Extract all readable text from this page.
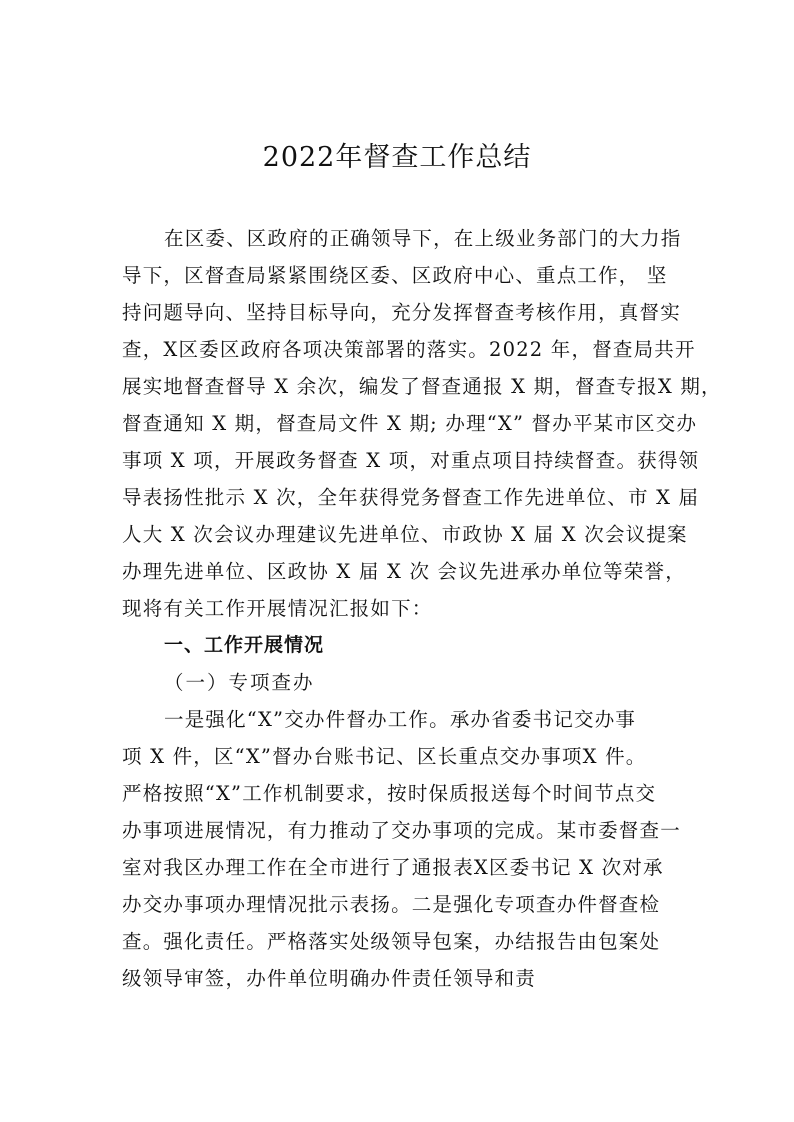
2022年督查工作总结
在区委、区政府的正确领导下，在上级业务部门的大力指
导下，区督查局紧紧围绕区委、区政府中心、重点工作， 坚
持问题导向、坚持目标导向，充分发挥督查考核作用，真督实
查，X区委区政府各项决策部署的落实。2022 年，督查局共开
展实地督查督导 X 余次，编发了督查通报 X 期，督查专报X 期，
督查通知 X 期，督查局文件 X 期; 办理“X” 督办平某市区交办
事项 X 项，开展政务督查 X 项，对重点项目持续督查。获得领
导表扬性批示 X 次，全年获得党务督查工作先进单位、市 X 届
人大 X 次会议办理建议先进单位、市政协 X 届 X 次会议提案
办理先进单位、区政协 X 届 X 次 会议先进承办单位等荣誉，
现将有关工作开展情况汇报如下：
一、工作开展情况
（一）专项查办
一是强化“X”交办件督办工作。承办省委书记交办事
项 X 件，区“X”督办台账书记、区长重点交办事项X 件。
严格按照“X”工作机制要求，按时保质报送每个时间节点交
办事项进展情况，有力推动了交办事项的完成。某市委督查一
室对我区办理工作在全市进行了通报表X区委书记 X 次对承
办交办事项办理情况批示表扬。二是强化专项查办件督查检
查。强化责任。严格落实处级领导包案，办结报告由包案处
级领导审签，办件单位明确办件责任领导和责
